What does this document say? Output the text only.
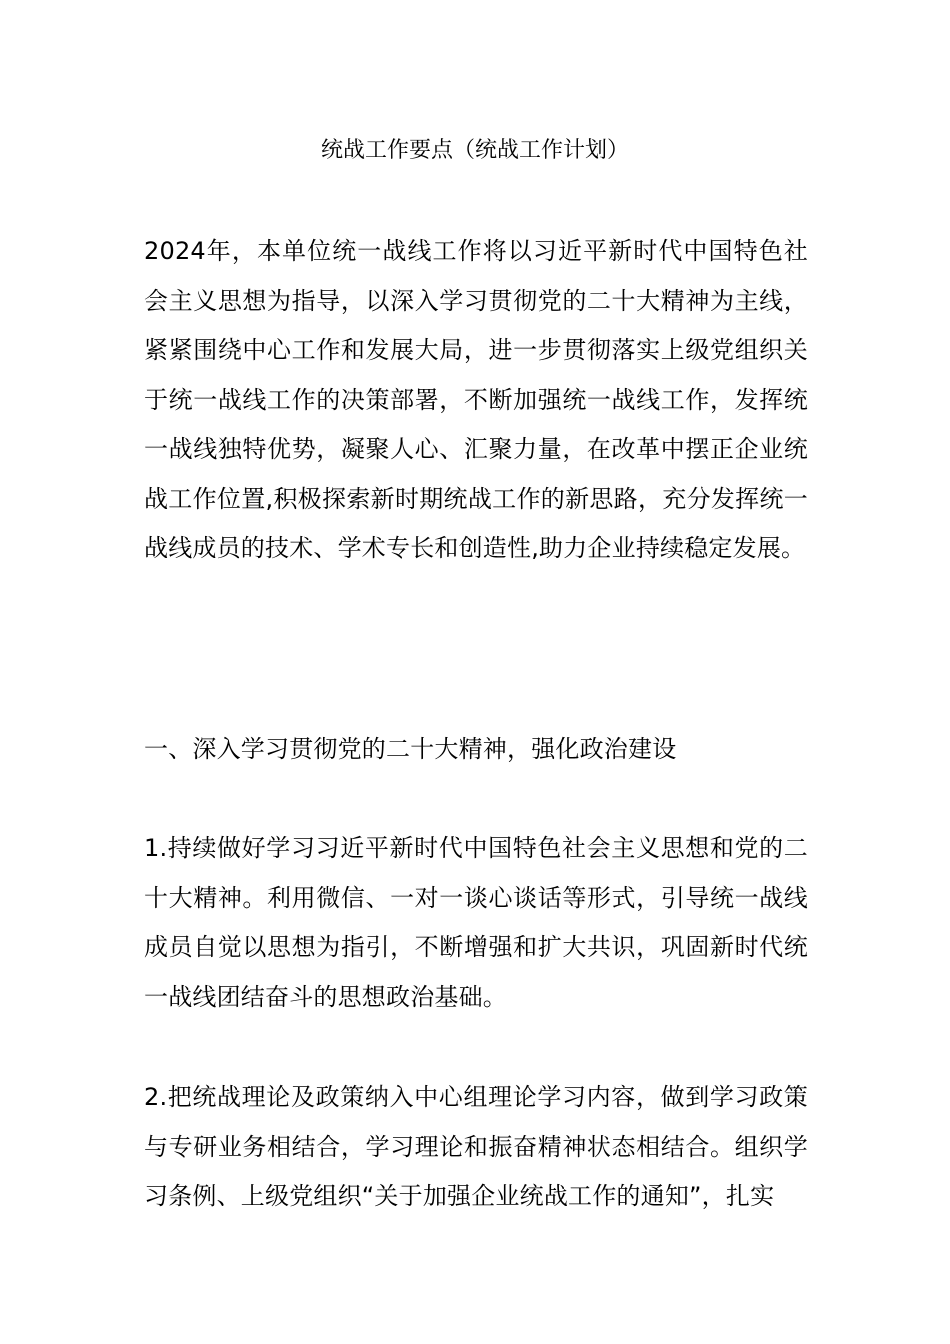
统战工作要点（统战工作计划）

2024年，本单位统一战线工作将以习近平新时代中国特色社会主义思想为指导，以深入学习贯彻党的二十大精神为主线，紧紧围绕中心工作和发展大局，进一步贯彻落实上级党组织关于统一战线工作的决策部署，不断加强统一战线工作，发挥统一战线独特优势，凝聚人心、汇聚力量，在改革中摆正企业统战工作位置,积极探索新时期统战工作的新思路，充分发挥统一战线成员的技术、学术专长和创造性,助力企业持续稳定发展。

一、深入学习贯彻党的二十大精神，强化政治建设

1.持续做好学习习近平新时代中国特色社会主义思想和党的二十大精神。利用微信、一对一谈心谈话等形式，引导统一战线成员自觉以思想为指引，不断增强和扩大共识，巩固新时代统一战线团结奋斗的思想政治基础。

2.把统战理论及政策纳入中心组理论学习内容，做到学习政策与专研业务相结合，学习理论和振奋精神状态相结合。组织学习条例、上级党组织“关于加强企业统战工作的通知”，扎实
